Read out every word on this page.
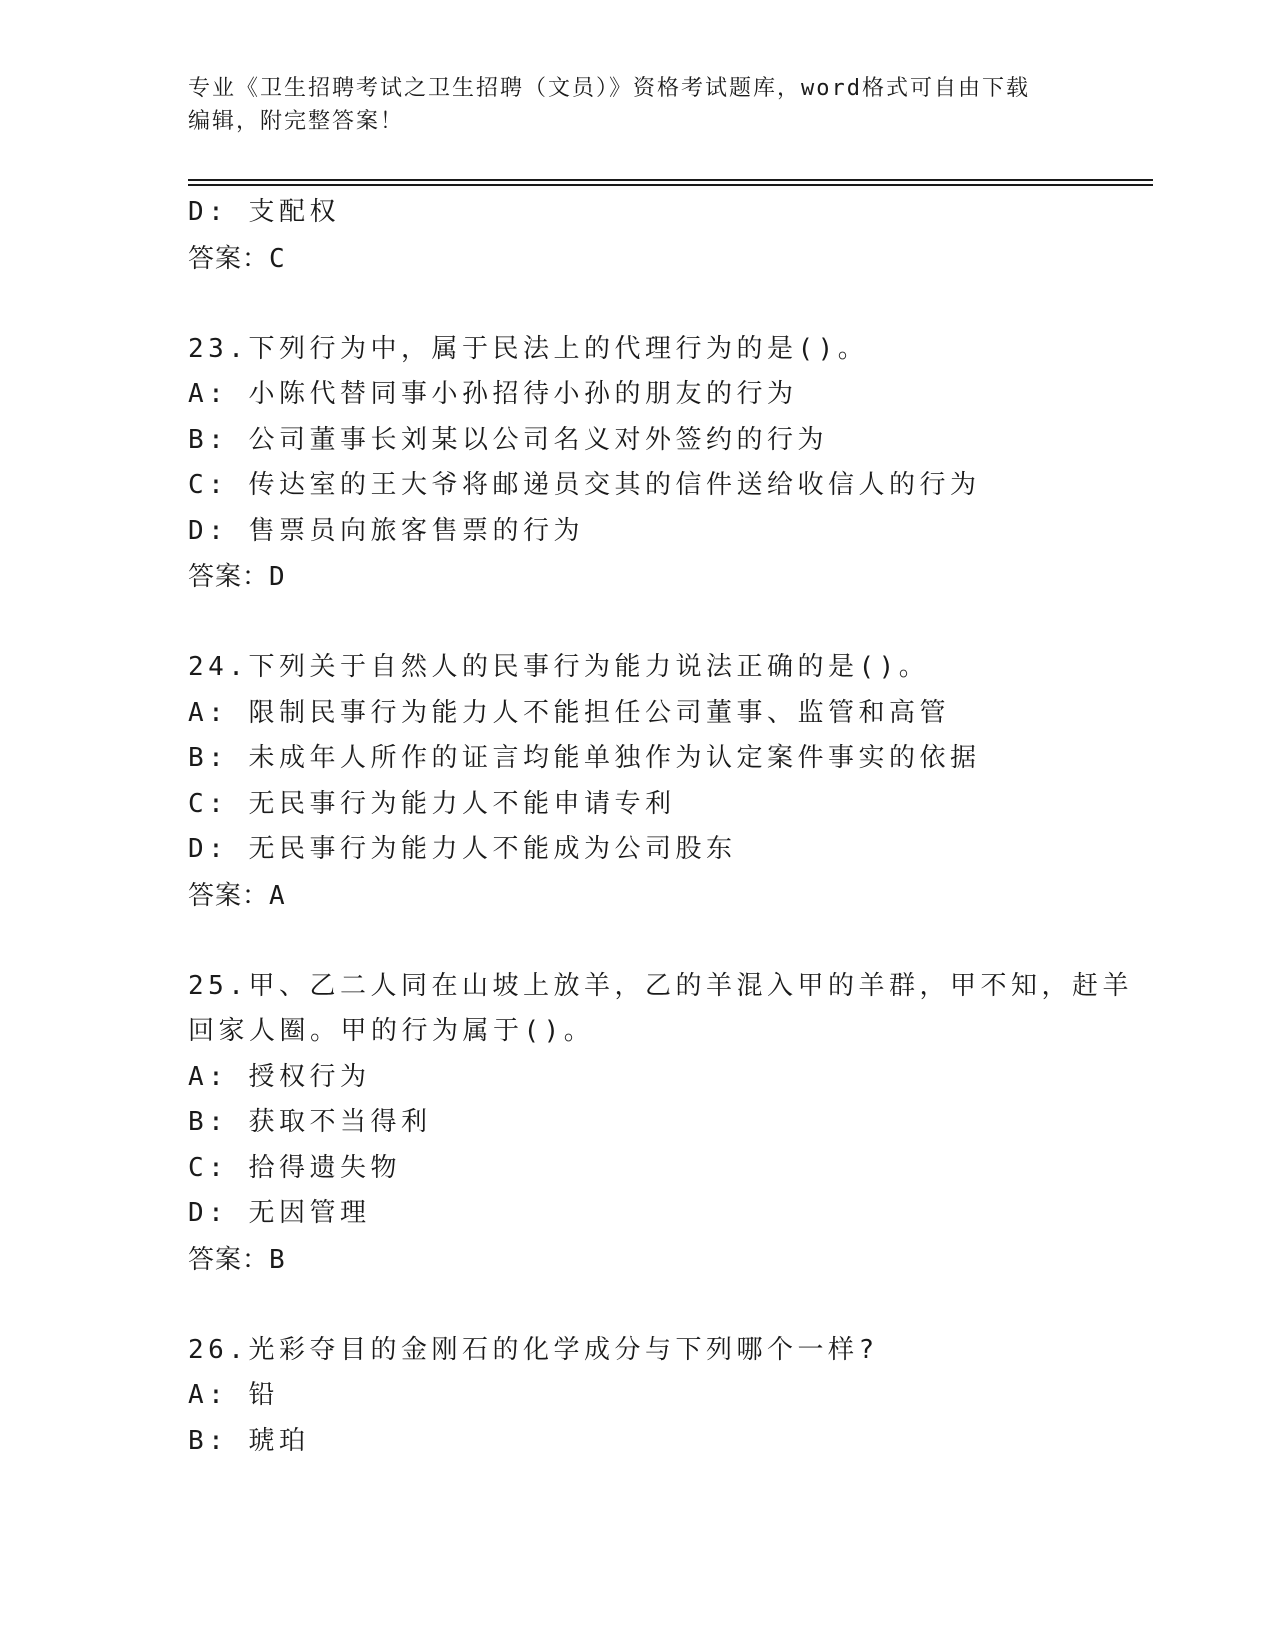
专业《卫生招聘考试之卫生招聘（文员）》资格考试题库，word格式可自由下载
编辑，附完整答案！
D: 支配权
答案：C
23.下列行为中，属于民法上的代理行为的是()。
A: 小陈代替同事小孙招待小孙的朋友的行为
B: 公司董事长刘某以公司名义对外签约的行为
C: 传达室的王大爷将邮递员交其的信件送给收信人的行为
D: 售票员向旅客售票的行为
答案：D
24.下列关于自然人的民事行为能力说法正确的是()。
A: 限制民事行为能力人不能担任公司董事、监管和高管
B: 未成年人所作的证言均能单独作为认定案件事实的依据
C: 无民事行为能力人不能申请专利
D: 无民事行为能力人不能成为公司股东
答案：A
25.甲、乙二人同在山坡上放羊，乙的羊混入甲的羊群，甲不知，赶羊
回家人圈。甲的行为属于()。
A: 授权行为
B: 获取不当得利
C: 拾得遗失物
D: 无因管理
答案：B
26.光彩夺目的金刚石的化学成分与下列哪个一样?
A: 铅
B: 琥珀
